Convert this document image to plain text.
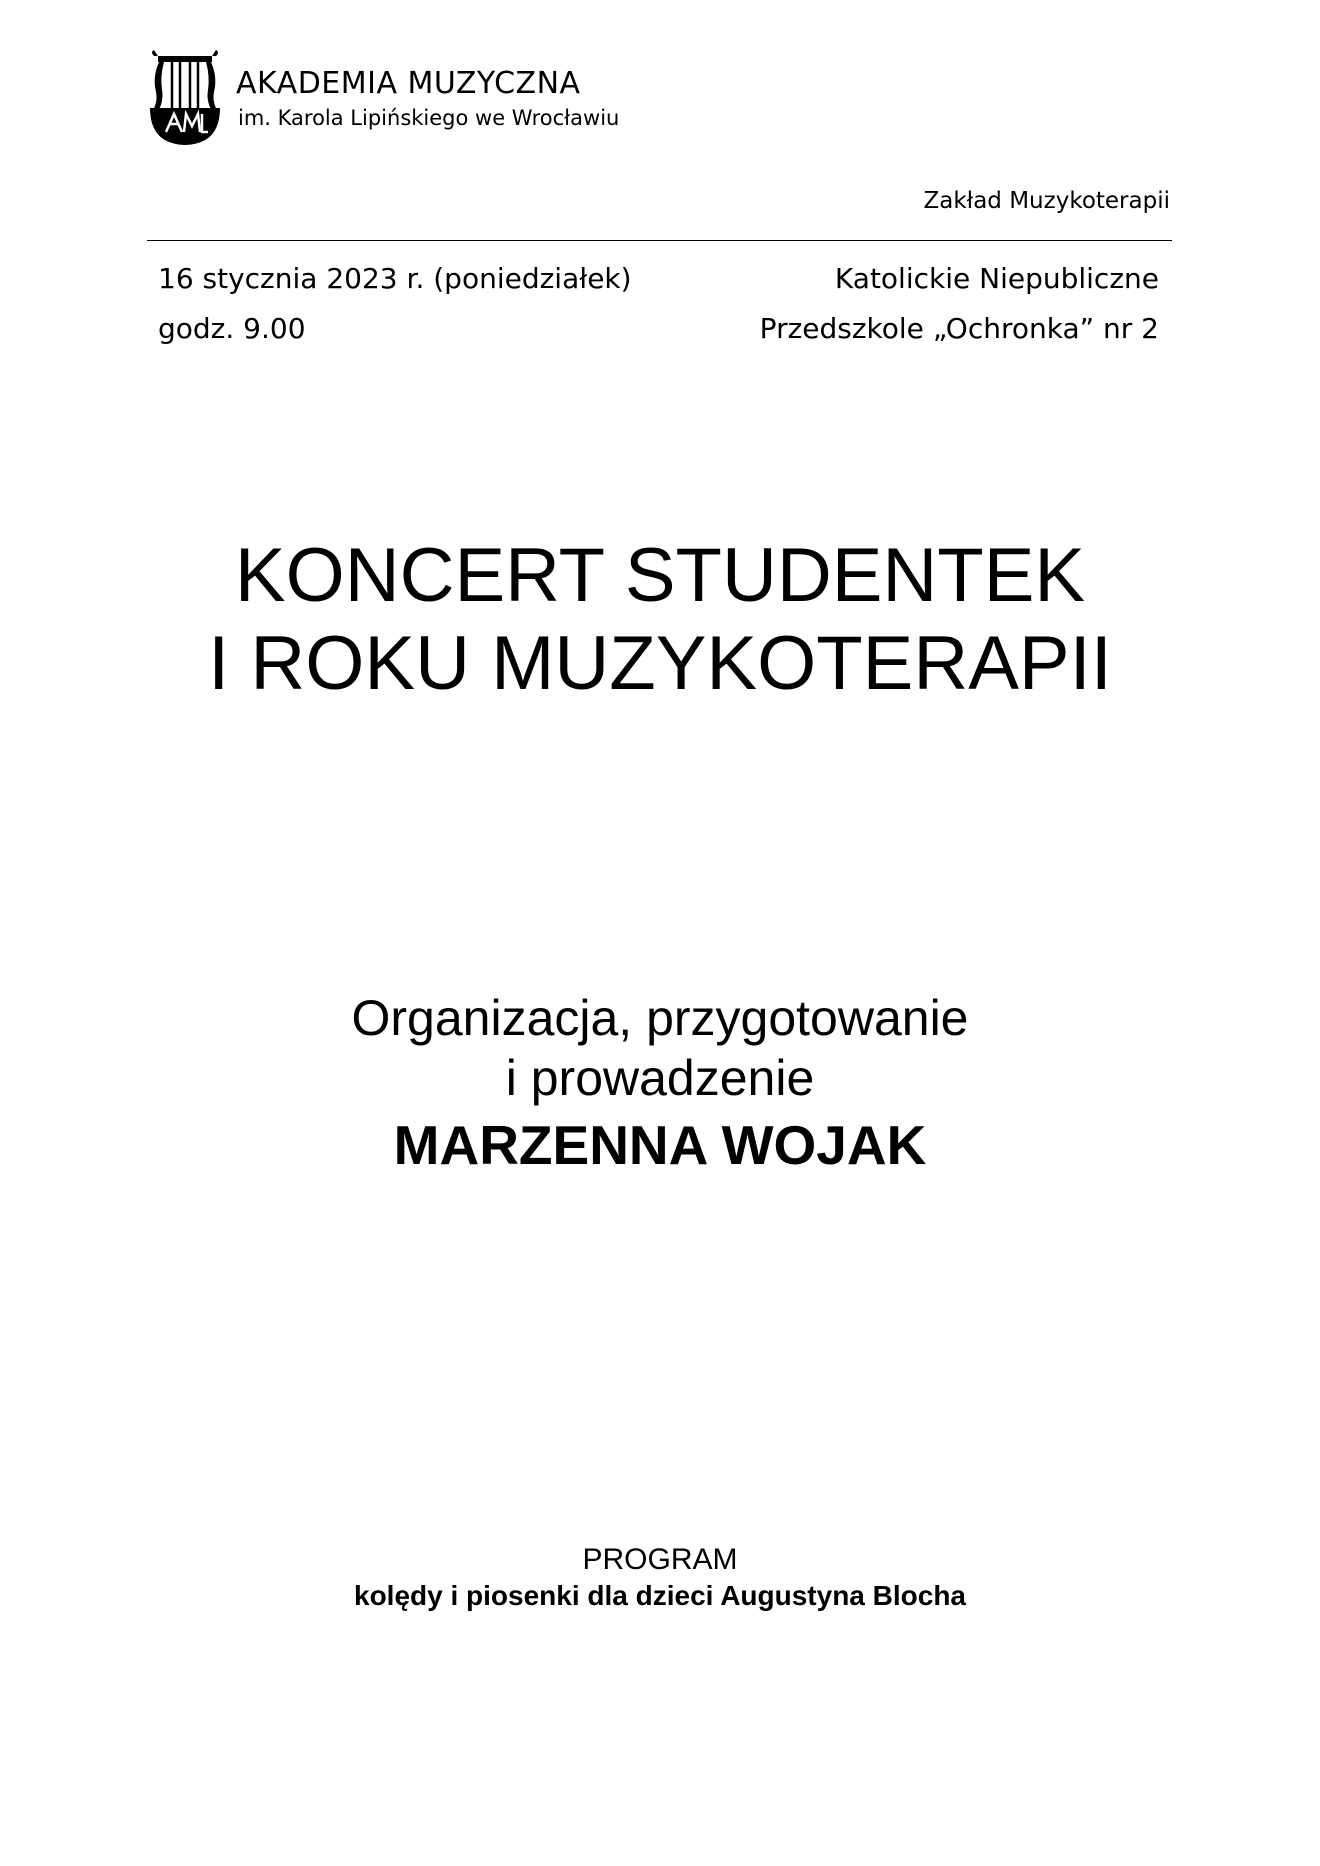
AKADEMIA MUZYCZNA
im. Karola Lipińskiego we Wrocławiu
Zakład Muzykoterapii
16 stycznia 2023 r. (poniedziałek)
godz. 9.00
Katolickie Niepubliczne
Przedszkole „Ochronka” nr 2
KONCERT STUDENTEK
I ROKU MUZYKOTERAPII
Organizacja, przygotowanie
i prowadzenie
MARZENNA WOJAK
PROGRAM
kolędy i piosenki dla dzieci Augustyna Blocha
